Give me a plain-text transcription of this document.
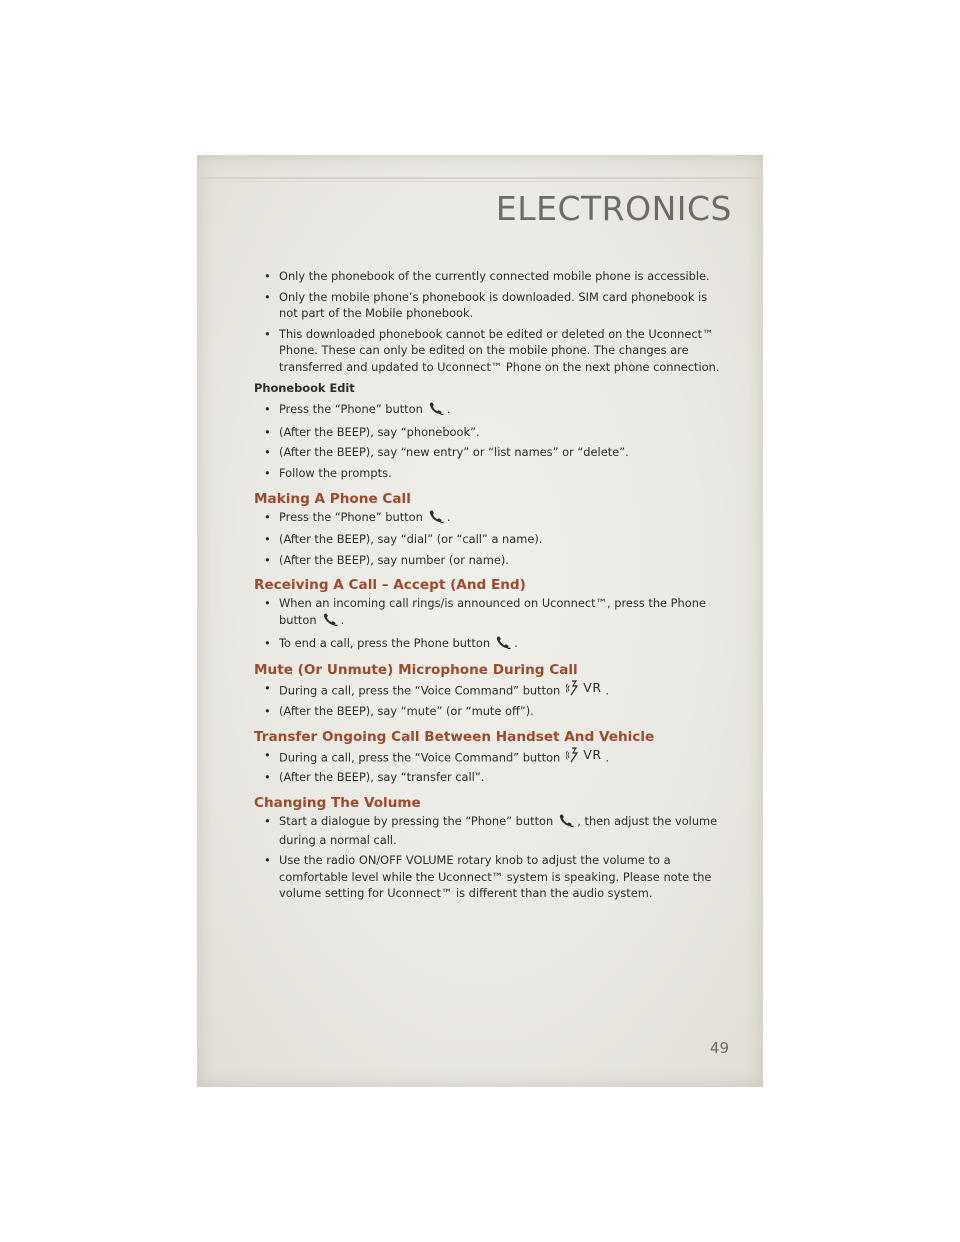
ELECTRONICS
• Only the phonebook of the currently connected mobile phone is accessible.
• Only the mobile phone’s phonebook is downloaded. SIM card phonebook is not part of the Mobile phonebook.
• This downloaded phonebook cannot be edited or deleted on the Uconnect™ Phone. These can only be edited on the mobile phone. The changes are transferred and updated to Uconnect™ Phone on the next phone connection.
Phonebook Edit
• Press the “Phone” button .
• (After the BEEP), say “phonebook”.
• (After the BEEP), say “new entry” or “list names” or “delete”.
• Follow the prompts.
Making A Phone Call
• Press the “Phone” button .
• (After the BEEP), say “dial” (or “call” a name).
• (After the BEEP), say number (or name).
Receiving A Call – Accept (And End)
• When an incoming call rings/is announced on Uconnect™, press the Phone button .
• To end a call, press the Phone button .
Mute (Or Unmute) Microphone During Call
• During a call, press the “Voice Command” button VR .
• (After the BEEP), say “mute” (or “mute off”).
Transfer Ongoing Call Between Handset And Vehicle
• During a call, press the “Voice Command” button VR .
• (After the BEEP), say “transfer call”.
Changing The Volume
• Start a dialogue by pressing the “Phone” button , then adjust the volume during a normal call.
• Use the radio ON/OFF VOLUME rotary knob to adjust the volume to a comfortable level while the Uconnect™ system is speaking. Please note the volume setting for Uconnect™ is different than the audio system.
49
